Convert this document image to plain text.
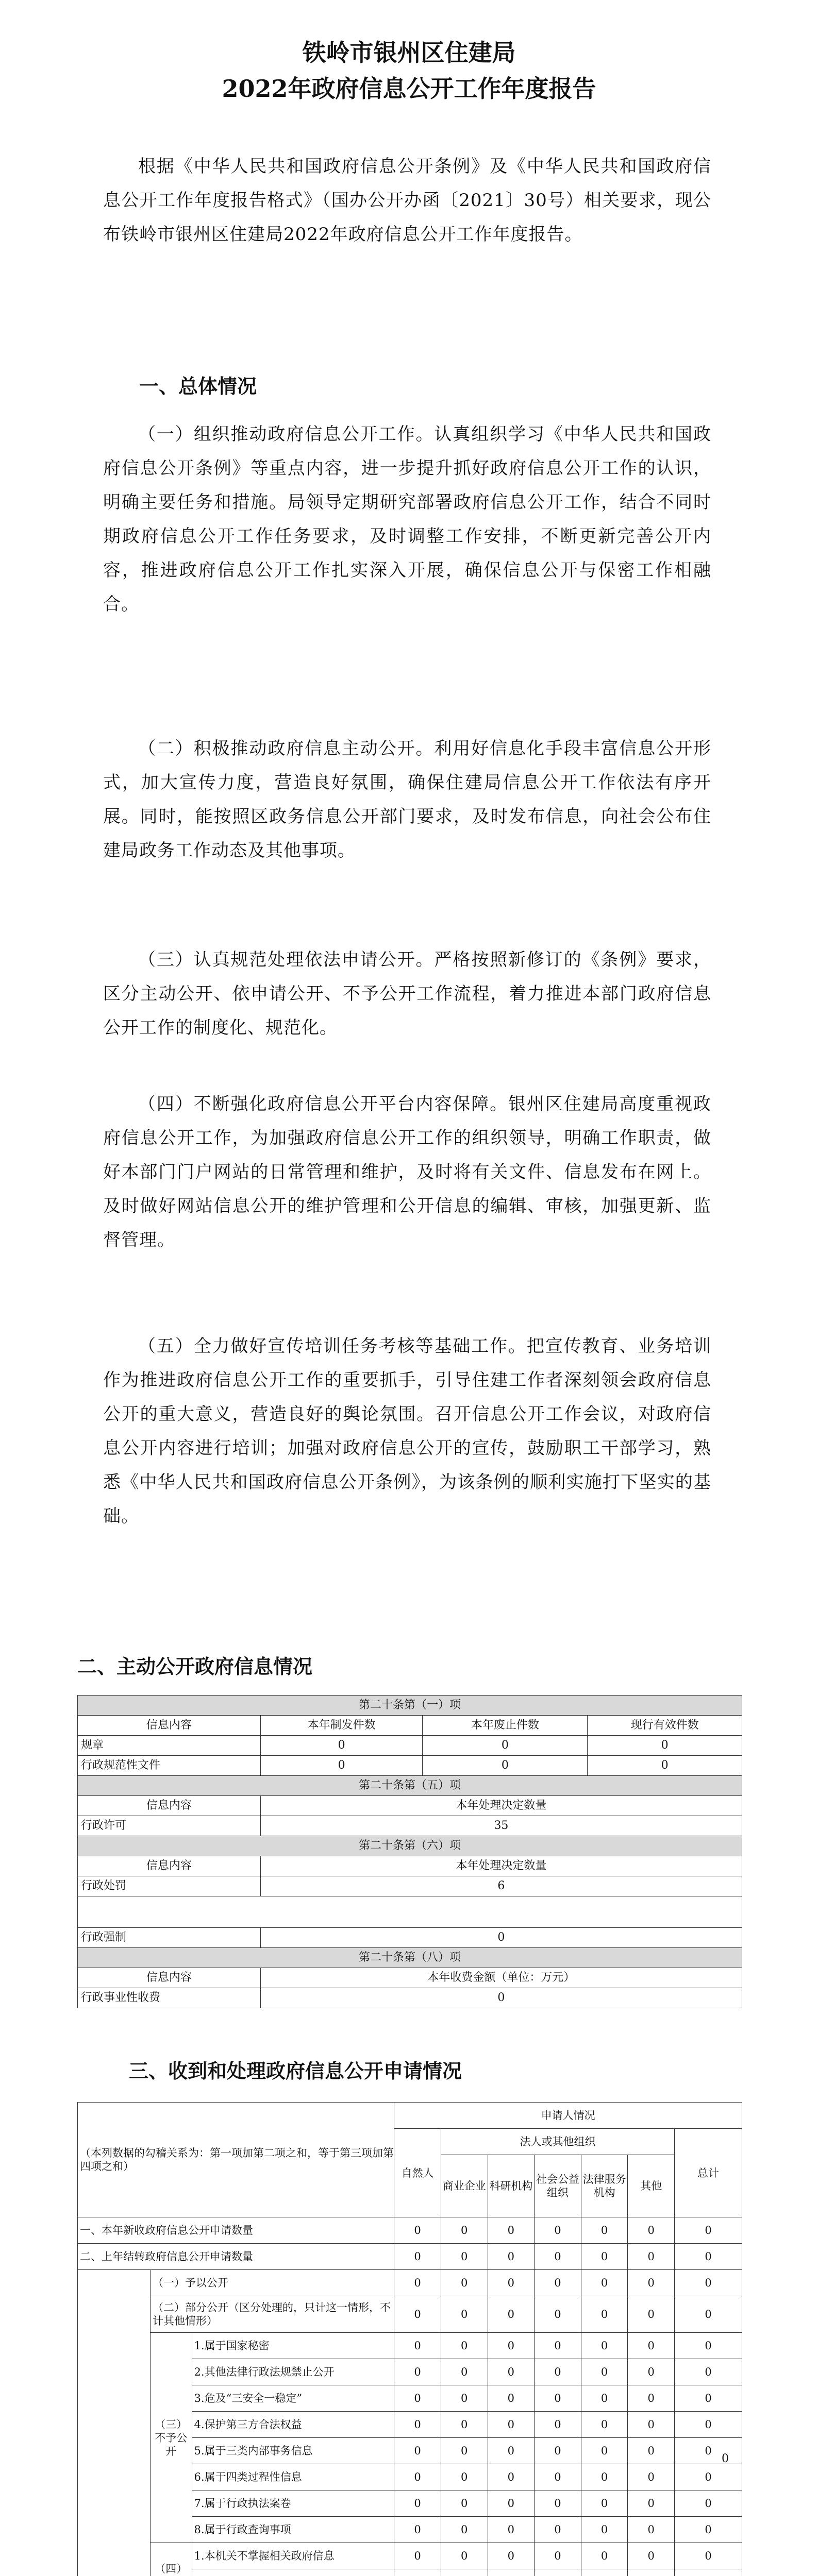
铁岭市银州区住建局
2022年政府信息公开工作年度报告
根据《中华人民共和国政府信息公开条例》及《中华人民共和国政府信息公开工作年度报告格式》（国办公开办函〔2021〕30号）相关要求，现公布铁岭市银州区住建局2022年政府信息公开工作年度报告。
一、总体情况
（一）组织推动政府信息公开工作。认真组织学习《中华人民共和国政府信息公开条例》等重点内容，进一步提升抓好政府信息公开工作的认识，明确主要任务和措施。局领导定期研究部署政府信息公开工作，结合不同时期政府信息公开工作任务要求，及时调整工作安排，不断更新完善公开内容，推进政府信息公开工作扎实深入开展，确保信息公开与保密工作相融合。
（二）积极推动政府信息主动公开。利用好信息化手段丰富信息公开形式，加大宣传力度，营造良好氛围，确保住建局信息公开工作依法有序开展。同时，能按照区政务信息公开部门要求，及时发布信息，向社会公布住建局政务工作动态及其他事项。
（三）认真规范处理依法申请公开。严格按照新修订的《条例》要求，区分主动公开、依申请公开、不予公开工作流程，着力推进本部门政府信息公开工作的制度化、规范化。
（四）不断强化政府信息公开平台内容保障。银州区住建局高度重视政府信息公开工作，为加强政府信息公开工作的组织领导，明确工作职责，做好本部门门户网站的日常管理和维护，及时将有关文件、信息发布在网上。及时做好网站信息公开的维护管理和公开信息的编辑、审核，加强更新、监督管理。
（五）全力做好宣传培训任务考核等基础工作。把宣传教育、业务培训作为推进政府信息公开工作的重要抓手，引导住建工作者深刻领会政府信息公开的重大意义，营造良好的舆论氛围。召开信息公开工作会议，对政府信息公开内容进行培训；加强对政府信息公开的宣传，鼓励职工干部学习，熟悉《中华人民共和国政府信息公开条例》，为该条例的顺利实施打下坚实的基础。
二、主动公开政府信息情况
第二十条第（一）项			
信息内容	本年制发件数	本年废止件数	现行有效件数
规章	0	0	0
行政规范性文件	0	0	0
第二十条第（五）项			
信息内容	本年处理决定数量		
行政许可	35		
第二十条第（六）项			
信息内容	本年处理决定数量		
行政处罚	6		

行政强制	0		
第二十条第（八）项			
信息内容	本年收费金额（单位：万元）		
行政事业性收费	0		
三、收到和处理政府信息公开申请情况
（本列数据的勾稽关系为：第一项加第二项之和，等于第三项加第四项之和）			申请人情况						
			自然人	法人或其他组织					总计
				商业企业	科研机构	社会公益组织	法律服务机构	其他	
一、本年新收政府信息公开申请数量			0	0	0	0	0	0	0
二、上年结转政府信息公开申请数量			0	0	0	0	0	0	0
	（一）予以公开		0	0	0	0	0	0	0
	（二）部分公开（区分处理的，只计这一情形，不计其他情形）		0	0	0	0	0	0	0
	（三）不予公开	1.属于国家秘密	0	0	0	0	0	0	0
		2.其他法律行政法规禁止公开	0	0	0	0	0	0	0
		3.危及“三安全一稳定”	0	0	0	0	0	0	0
		4.保护第三方合法权益	0	0	0	0	0	0	0
		5.属于三类内部事务信息	0	0	0	0	0	0	0
		6.属于四类过程性信息	0	0	0	0	0	0	0
		7.属于行政执法案卷	0	0	0	0	0	0	0
		8.属于行政查询事项	0	0	0	0	0	0	0
	（四）	1.本机关不掌握相关政府信息	0	0	0	0	0	0	0

0
